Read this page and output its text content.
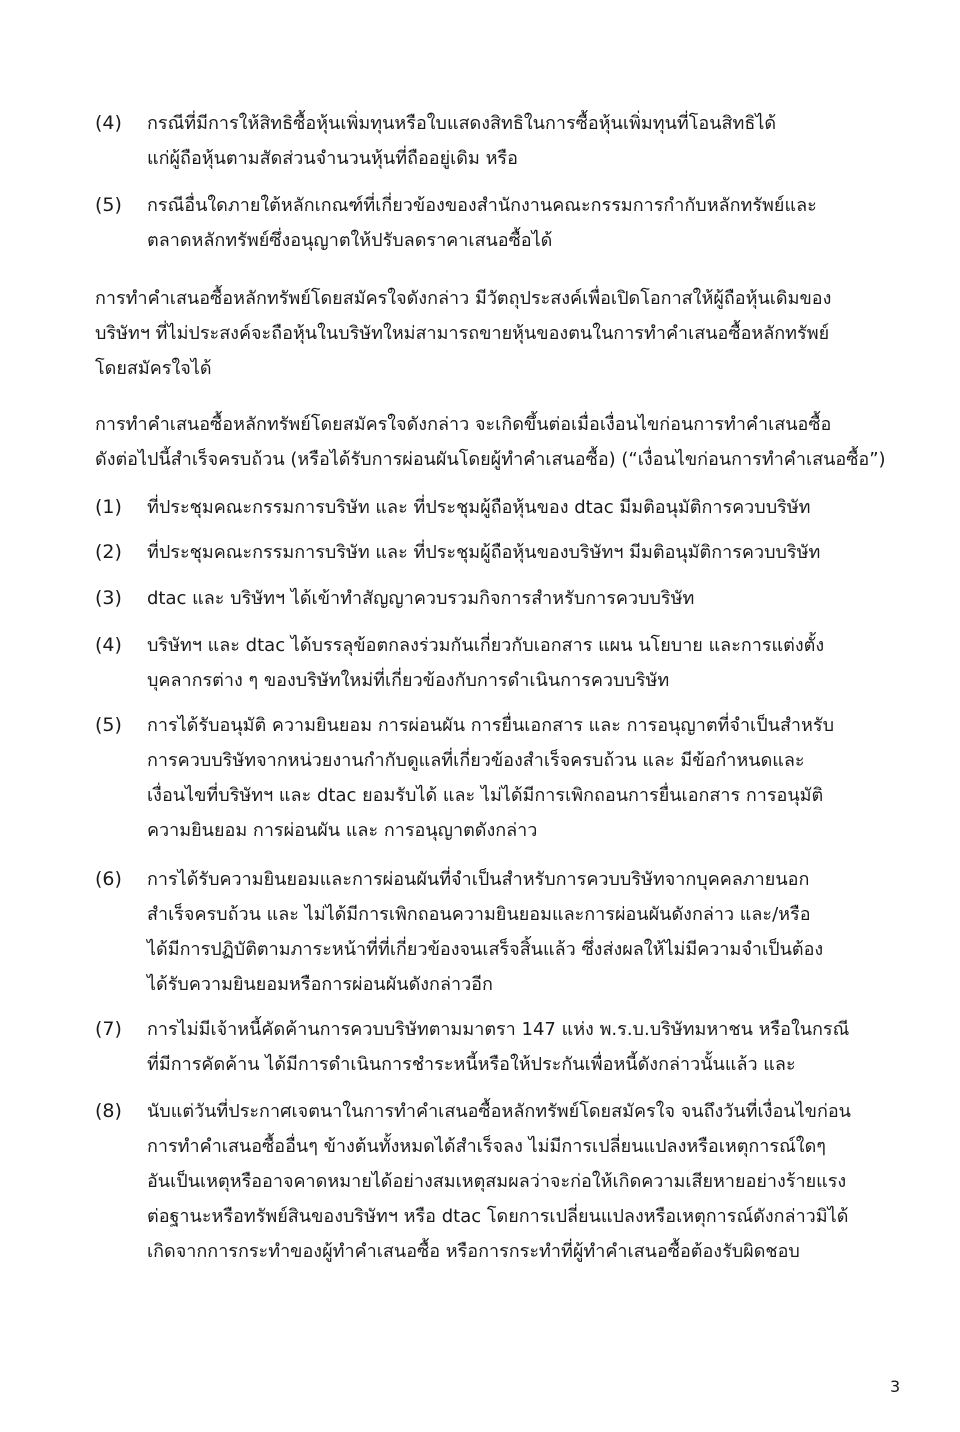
(4)	กรณีที่มีการให้สิทธิซื้อหุ้นเพิ่มทุนหรือใบแสดงสิทธิในการซื้อหุ้นเพิ่มทุนที่โอนสิทธิได้
แก่ผู้ถือหุ้นตามสัดส่วนจำนวนหุ้นที่ถืออยู่เดิม หรือ
(5)	กรณีอื่นใดภายใต้หลักเกณฑ์ที่เกี่ยวข้องของสำนักงานคณะกรรมการกำกับหลักทรัพย์และ
ตลาดหลักทรัพย์ซึ่งอนุญาตให้ปรับลดราคาเสนอซื้อได้
การทำคำเสนอซื้อหลักทรัพย์โดยสมัครใจดังกล่าว มีวัตถุประสงค์เพื่อเปิดโอกาสให้ผู้ถือหุ้นเดิมของ
บริษัทฯ ที่ไม่ประสงค์จะถือหุ้นในบริษัทใหม่สามารถขายหุ้นของตนในการทำคำเสนอซื้อหลักทรัพย์
โดยสมัครใจได้
การทำคำเสนอซื้อหลักทรัพย์โดยสมัครใจดังกล่าว จะเกิดขึ้นต่อเมื่อเงื่อนไขก่อนการทำคำเสนอซื้อ
ดังต่อไปนี้สำเร็จครบถ้วน (หรือได้รับการผ่อนผันโดยผู้ทำคำเสนอซื้อ) (“เงื่อนไขก่อนการทำคำเสนอซื้อ”)
(1)	ที่ประชุมคณะกรรมการบริษัท และ ที่ประชุมผู้ถือหุ้นของ dtac มีมติอนุมัติการควบบริษัท
(2)	ที่ประชุมคณะกรรมการบริษัท และ ที่ประชุมผู้ถือหุ้นของบริษัทฯ มีมติอนุมัติการควบบริษัท
(3)	dtac และ บริษัทฯ ได้เข้าทำสัญญาควบรวมกิจการสำหรับการควบบริษัท
(4)	บริษัทฯ และ dtac ได้บรรลุข้อตกลงร่วมกันเกี่ยวกับเอกสาร แผน นโยบาย และการแต่งตั้ง
บุคลากรต่าง ๆ ของบริษัทใหม่ที่เกี่ยวข้องกับการดำเนินการควบบริษัท
(5)	การได้รับอนุมัติ ความยินยอม การผ่อนผัน การยื่นเอกสาร และ การอนุญาตที่จำเป็นสำหรับ
การควบบริษัทจากหน่วยงานกำกับดูแลที่เกี่ยวข้องสำเร็จครบถ้วน และ มีข้อกำหนดและ
เงื่อนไขที่บริษัทฯ และ dtac ยอมรับได้ และ ไม่ได้มีการเพิกถอนการยื่นเอกสาร การอนุมัติ
ความยินยอม การผ่อนผัน และ การอนุญาตดังกล่าว
(6)	การได้รับความยินยอมและการผ่อนผันที่จำเป็นสำหรับการควบบริษัทจากบุคคลภายนอก
สำเร็จครบถ้วน และ ไม่ได้มีการเพิกถอนความยินยอมและการผ่อนผันดังกล่าว และ/หรือ
ได้มีการปฏิบัติตามภาระหน้าที่ที่เกี่ยวข้องจนเสร็จสิ้นแล้ว ซึ่งส่งผลให้ไม่มีความจำเป็นต้อง
ได้รับความยินยอมหรือการผ่อนผันดังกล่าวอีก
(7)	การไม่มีเจ้าหนี้คัดค้านการควบบริษัทตามมาตรา 147 แห่ง พ.ร.บ.บริษัทมหาชน หรือในกรณี
ที่มีการคัดค้าน ได้มีการดำเนินการชำระหนี้หรือให้ประกันเพื่อหนี้ดังกล่าวนั้นแล้ว และ
(8)	นับแต่วันที่ประกาศเจตนาในการทำคำเสนอซื้อหลักทรัพย์โดยสมัครใจ จนถึงวันที่เงื่อนไขก่อน
การทำคำเสนอซื้ออื่นๆ ข้างต้นทั้งหมดได้สำเร็จลง ไม่มีการเปลี่ยนแปลงหรือเหตุการณ์ใดๆ
อันเป็นเหตุหรืออาจคาดหมายได้อย่างสมเหตุสมผลว่าจะก่อให้เกิดความเสียหายอย่างร้ายแรง
ต่อฐานะหรือทรัพย์สินของบริษัทฯ หรือ dtac โดยการเปลี่ยนแปลงหรือเหตุการณ์ดังกล่าวมิได้
เกิดจากการกระทำของผู้ทำคำเสนอซื้อ หรือการกระทำที่ผู้ทำคำเสนอซื้อต้องรับผิดชอบ
3
